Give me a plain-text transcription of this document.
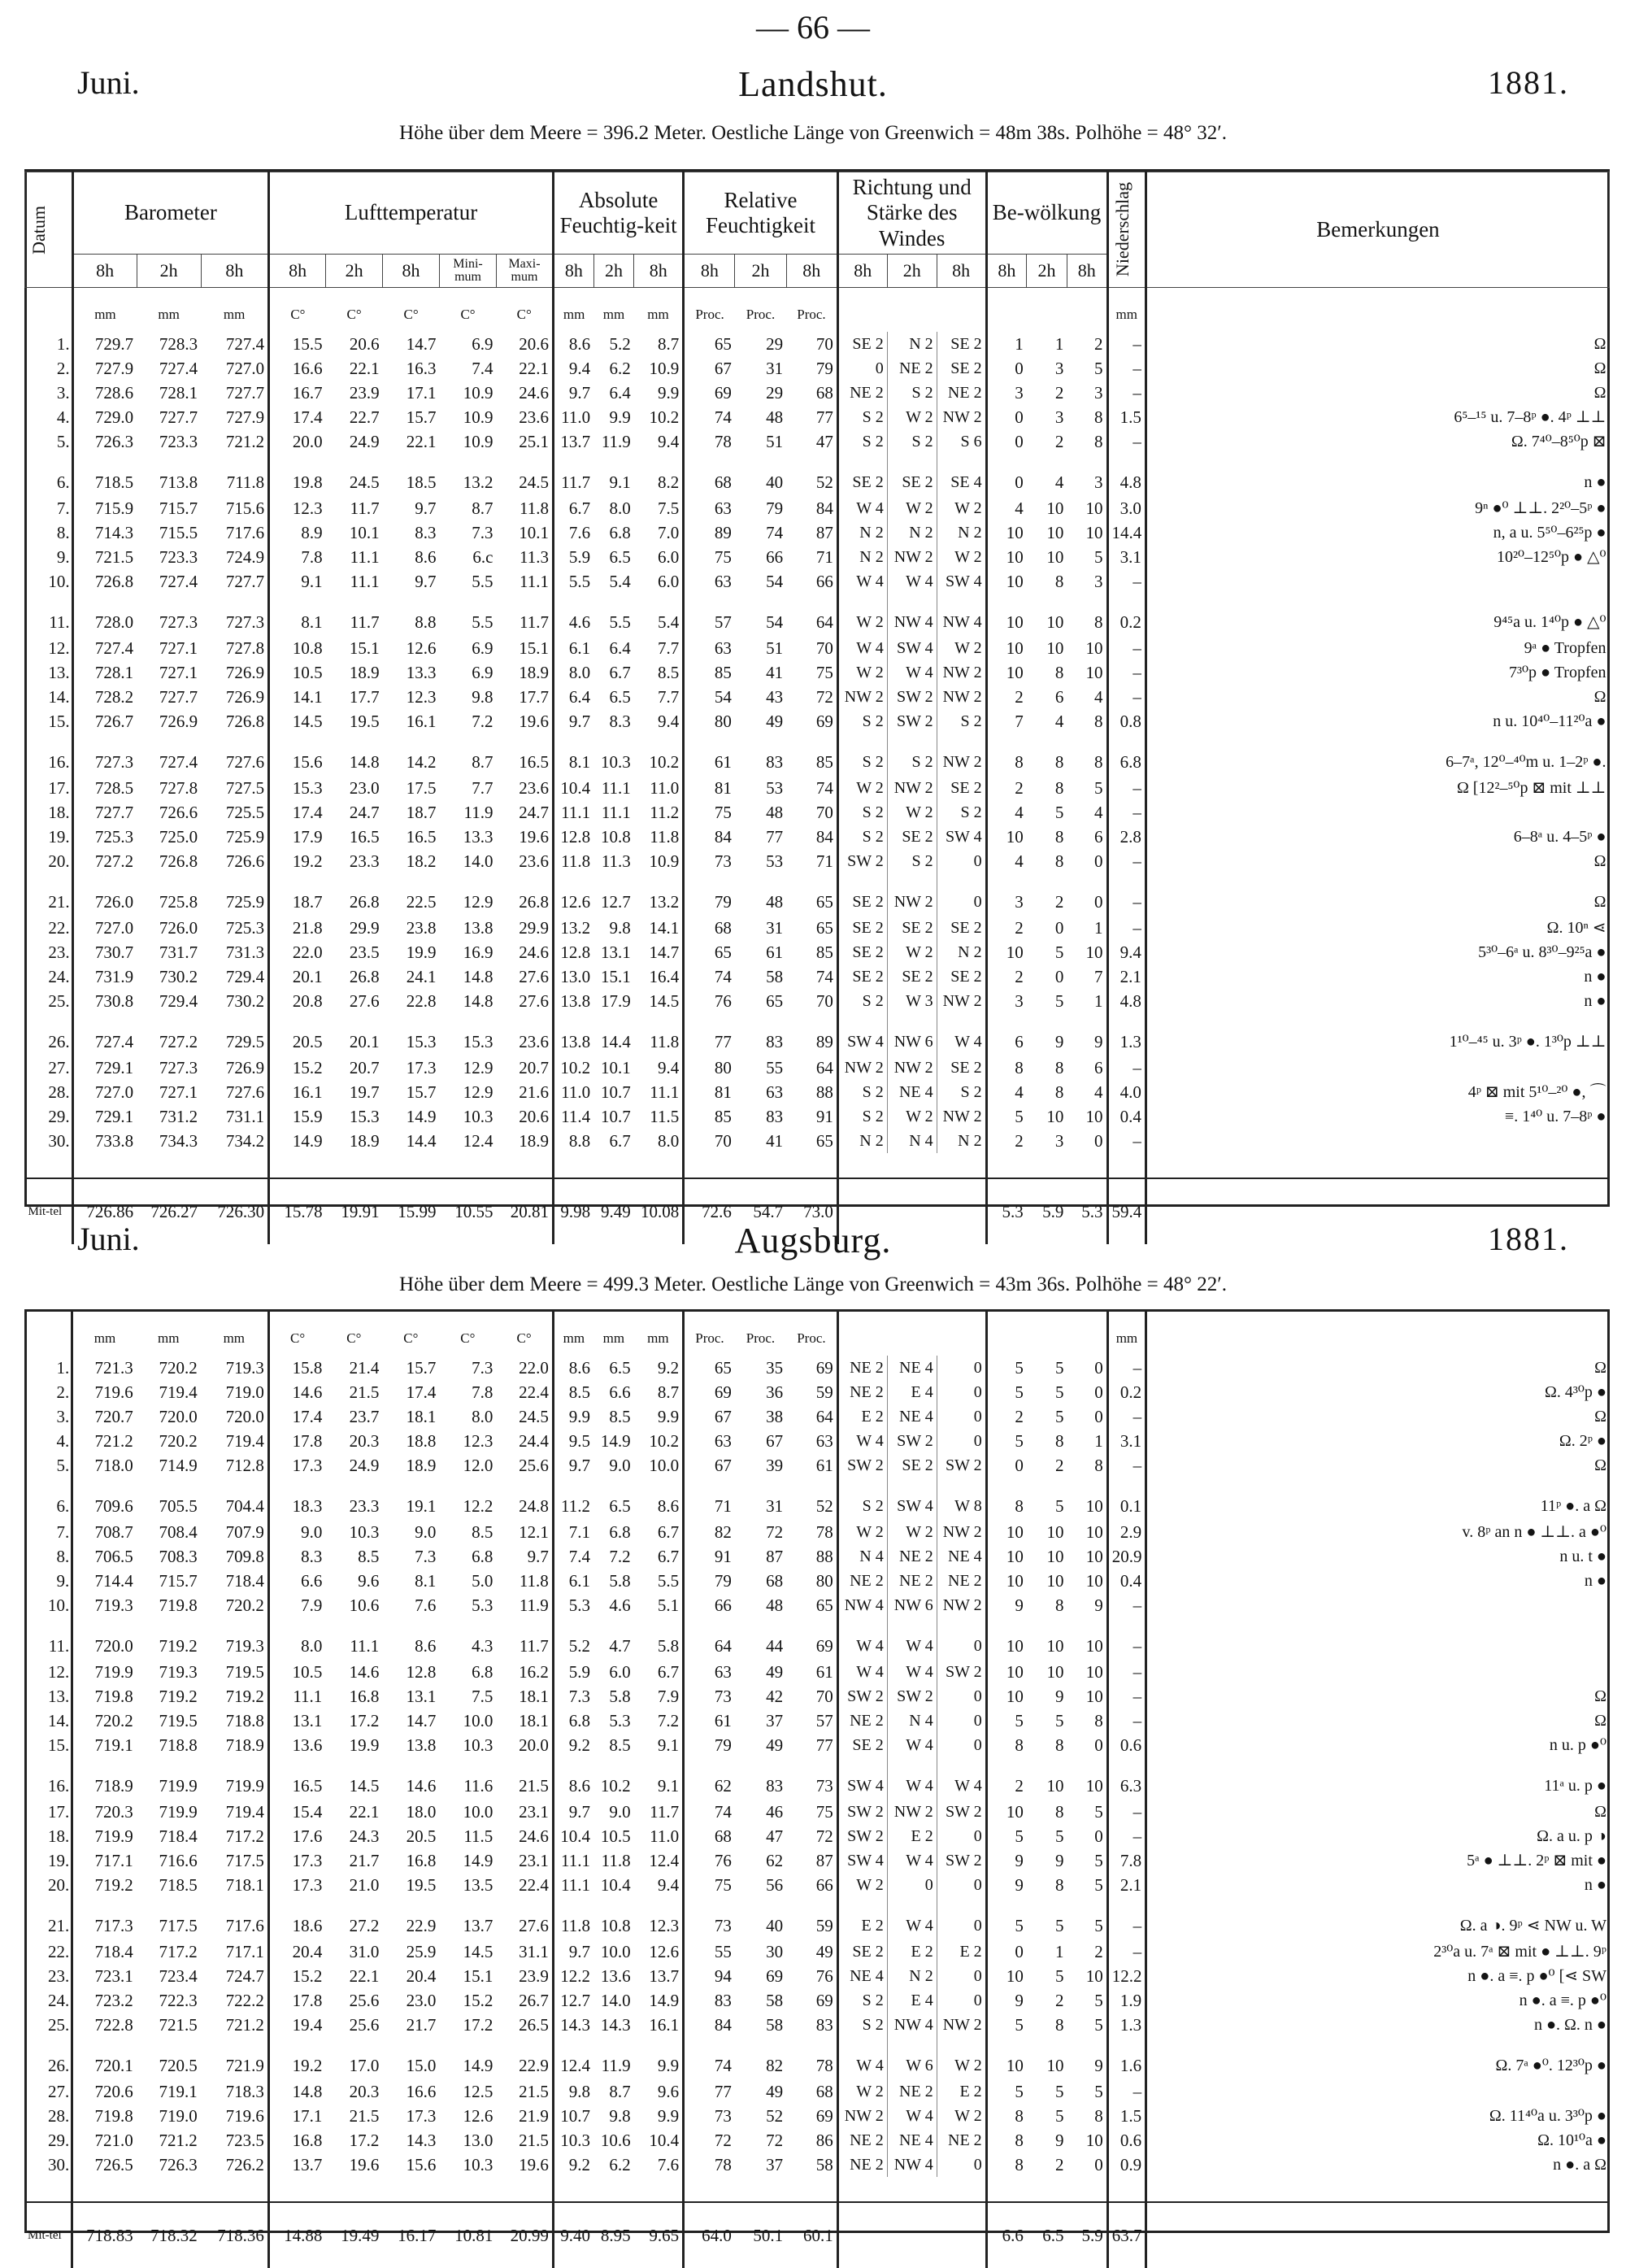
— 66 —
Juni.	Landshut.	1881.
Höhe über dem Meere = 396.2 Meter. Oestliche Länge von Greenwich = 48m 38s. Polhöhe = 48° 32′.
Datum	Barometer			Lufttemperatur					Absolute Feuchtig-keit			Relative Feuchtigkeit			Richtung und Stärke des Windes			Be-wölkung			Niederschlag	Bemerkungen
	8h	2h	8h	8h	2h	8h	Mini-mum	Maxi-mum	8h	2h	8h	8h	2h	8h	8h	2h	8h	8h	2h	8h		
	mm	mm	mm	C°	C°	C°	C°	C°	mm	mm	mm	Proc.	Proc.	Proc.							mm	
1.	729.7	728.3	727.4	15.5	20.6	14.7	6.9	20.6	8.6	5.2	8.7	65	29	70	SE 2	N 2	SE 2	1	1	2	–	Ω
2.	727.9	727.4	727.0	16.6	22.1	16.3	7.4	22.1	9.4	6.2	10.9	67	31	79	0	NE 2	SE 2	0	3	5	–	Ω
3.	728.6	728.1	727.7	16.7	23.9	17.1	10.9	24.6	9.7	6.4	9.9	69	29	68	NE 2	S 2	NE 2	3	2	3	–	Ω
4.	729.0	727.7	727.9	17.4	22.7	15.7	10.9	23.6	11.0	9.9	10.2	74	48	77	S 2	W 2	NW 2	0	3	8	1.5	6⁵–¹⁵ u. 7–8ᵖ ●. 4ᵖ ⊥⊥
5.	726.3	723.3	721.2	20.0	24.9	22.1	10.9	25.1	13.7	11.9	9.4	78	51	47	S 2	S 2	S 6	0	2	8	–	Ω. 7⁴⁰–8⁵⁰p ⊠
6.	718.5	713.8	711.8	19.8	24.5	18.5	13.2	24.5	11.7	9.1	8.2	68	40	52	SE 2	SE 2	SE 4	0	4	3	4.8	n ●
7.	715.9	715.7	715.6	12.3	11.7	9.7	8.7	11.8	6.7	8.0	7.5	63	79	84	W 4	W 2	W 2	4	10	10	3.0	9ⁿ ●⁰ ⊥⊥. 2²⁰–5ᵖ ●
8.	714.3	715.5	717.6	8.9	10.1	8.3	7.3	10.1	7.6	6.8	7.0	89	74	87	N 2	N 2	N 2	10	10	10	14.4	n, a u. 5⁵⁰–6²⁵p ●
9.	721.5	723.3	724.9	7.8	11.1	8.6	6.c	11.3	5.9	6.5	6.0	75	66	71	N 2	NW 2	W 2	10	10	5	3.1	10²⁰–12⁵⁰p ● △⁰
10.	726.8	727.4	727.7	9.1	11.1	9.7	5.5	11.1	5.5	5.4	6.0	63	54	66	W 4	W 4	SW 4	10	8	3	–	
11.	728.0	727.3	727.3	8.1	11.7	8.8	5.5	11.7	4.6	5.5	5.4	57	54	64	W 2	NW 4	NW 4	10	10	8	0.2	9⁴⁵a u. 1⁴⁰p ● △⁰
12.	727.4	727.1	727.8	10.8	15.1	12.6	6.9	15.1	6.1	6.4	7.7	63	51	70	W 4	SW 4	W 2	10	10	10	–	9ᵃ ● Tropfen
13.	728.1	727.1	726.9	10.5	18.9	13.3	6.9	18.9	8.0	6.7	8.5	85	41	75	W 2	W 4	NW 2	10	8	10	–	7³⁰p ● Tropfen
14.	728.2	727.7	726.9	14.1	17.7	12.3	9.8	17.7	6.4	6.5	7.7	54	43	72	NW 2	SW 2	NW 2	2	6	4	–	Ω
15.	726.7	726.9	726.8	14.5	19.5	16.1	7.2	19.6	9.7	8.3	9.4	80	49	69	S 2	SW 2	S 2	7	4	8	0.8	n u. 10⁴⁰–11²⁰a ●
16.	727.3	727.4	727.6	15.6	14.8	14.2	8.7	16.5	8.1	10.3	10.2	61	83	85	S 2	S 2	NW 2	8	8	8	6.8	6–7ᵃ, 12⁰–⁴⁰m u. 1–2ᵖ ●.
17.	728.5	727.8	727.5	15.3	23.0	17.5	7.7	23.6	10.4	11.1	11.0	81	53	74	W 2	NW 2	SE 2	2	8	5	–	Ω [12²–⁵⁰p ⊠ mit ⊥⊥
18.	727.7	726.6	725.5	17.4	24.7	18.7	11.9	24.7	11.1	11.1	11.2	75	48	70	S 2	W 2	S 2	4	5	4	–	
19.	725.3	725.0	725.9	17.9	16.5	16.5	13.3	19.6	12.8	10.8	11.8	84	77	84	S 2	SE 2	SW 4	10	8	6	2.8	6–8ᵃ u. 4–5ᵖ ●
20.	727.2	726.8	726.6	19.2	23.3	18.2	14.0	23.6	11.8	11.3	10.9	73	53	71	SW 2	S 2	0	4	8	0	–	Ω
21.	726.0	725.8	725.9	18.7	26.8	22.5	12.9	26.8	12.6	12.7	13.2	79	48	65	SE 2	NW 2	0	3	2	0	–	Ω
22.	727.0	726.0	725.3	21.8	29.9	23.8	13.8	29.9	13.2	9.8	14.1	68	31	65	SE 2	SE 2	SE 2	2	0	1	–	Ω. 10ⁿ ⋖
23.	730.7	731.7	731.3	22.0	23.5	19.9	16.9	24.6	12.8	13.1	14.7	65	61	85	SE 2	W 2	N 2	10	5	10	9.4	5³⁰–6ᵃ u. 8³⁰–9²⁵a ●
24.	731.9	730.2	729.4	20.1	26.8	24.1	14.8	27.6	13.0	15.1	16.4	74	58	74	SE 2	SE 2	SE 2	2	0	7	2.1	n ●
25.	730.8	729.4	730.2	20.8	27.6	22.8	14.8	27.6	13.8	17.9	14.5	76	65	70	S 2	W 3	NW 2	3	5	1	4.8	n ●
26.	727.4	727.2	729.5	20.5	20.1	15.3	15.3	23.6	13.8	14.4	11.8	77	83	89	SW 4	NW 6	W 4	6	9	9	1.3	1¹⁰–⁴⁵ u. 3ᵖ ●. 1³⁰p ⊥⊥
27.	729.1	727.3	726.9	15.2	20.7	17.3	12.9	20.7	10.2	10.1	9.4	80	55	64	NW 2	NW 2	SE 2	8	8	6	–	
28.	727.0	727.1	727.6	16.1	19.7	15.7	12.9	21.6	11.0	10.7	11.1	81	63	88	S 2	NE 4	S 2	4	8	4	4.0	4ᵖ ⊠ mit 5¹⁰–²⁰ ●, ⌒
29.	729.1	731.2	731.1	15.9	15.3	14.9	10.3	20.6	11.4	10.7	11.5	85	83	91	S 2	W 2	NW 2	5	10	10	0.4	≡. 1⁴⁰ u. 7–8ᵖ ●
30.	733.8	734.3	734.2	14.9	18.9	14.4	12.4	18.9	8.8	6.7	8.0	70	41	65	N 2	N 4	N 2	2	3	0	–	

Mit-tel	726.86	726.27	726.30	15.78	19.91	15.99	10.55	20.81	9.98	9.49	10.08	72.6	54.7	73.0				5.3	5.9	5.3	59.4	
Juni.	Augsburg.	1881.
Höhe über dem Meere = 499.3 Meter. Oestliche Länge von Greenwich = 43m 36s. Polhöhe = 48° 22′.
	mm	mm	mm	C°	C°	C°	C°	C°	mm	mm	mm	Proc.	Proc.	Proc.							mm	
1.	721.3	720.2	719.3	15.8	21.4	15.7	7.3	22.0	8.6	6.5	9.2	65	35	69	NE 2	NE 4	0	5	5	0	–	Ω
2.	719.6	719.4	719.0	14.6	21.5	17.4	7.8	22.4	8.5	6.6	8.7	69	36	59	NE 2	E 4	0	5	5	0	0.2	Ω. 4³⁰p ●
3.	720.7	720.0	720.0	17.4	23.7	18.1	8.0	24.5	9.9	8.5	9.9	67	38	64	E 2	NE 4	0	2	5	0	–	Ω
4.	721.2	720.2	719.4	17.8	20.3	18.8	12.3	24.4	9.5	14.9	10.2	63	67	63	W 4	SW 2	0	5	8	1	3.1	Ω. 2ᵖ ●
5.	718.0	714.9	712.8	17.3	24.9	18.9	12.0	25.6	9.7	9.0	10.0	67	39	61	SW 2	SE 2	SW 2	0	2	8	–	Ω
6.	709.6	705.5	704.4	18.3	23.3	19.1	12.2	24.8	11.2	6.5	8.6	71	31	52	S 2	SW 4	W 8	8	5	10	0.1	11ᵖ ●. a Ω
7.	708.7	708.4	707.9	9.0	10.3	9.0	8.5	12.1	7.1	6.8	6.7	82	72	78	W 2	W 2	NW 2	10	10	10	2.9	v. 8ᵖ an n ● ⊥⊥. a ●⁰
8.	706.5	708.3	709.8	8.3	8.5	7.3	6.8	9.7	7.4	7.2	6.7	91	87	88	N 4	NE 2	NE 4	10	10	10	20.9	n u. t ●
9.	714.4	715.7	718.4	6.6	9.6	8.1	5.0	11.8	6.1	5.8	5.5	79	68	80	NE 2	NE 2	NE 2	10	10	10	0.4	n ●
10.	719.3	719.8	720.2	7.9	10.6	7.6	5.3	11.9	5.3	4.6	5.1	66	48	65	NW 4	NW 6	NW 2	9	8	9	–	
11.	720.0	719.2	719.3	8.0	11.1	8.6	4.3	11.7	5.2	4.7	5.8	64	44	69	W 4	W 4	0	10	10	10	–	
12.	719.9	719.3	719.5	10.5	14.6	12.8	6.8	16.2	5.9	6.0	6.7	63	49	61	W 4	W 4	SW 2	10	10	10	–	
13.	719.8	719.2	719.2	11.1	16.8	13.1	7.5	18.1	7.3	5.8	7.9	73	42	70	SW 2	SW 2	0	10	9	10	–	Ω
14.	720.2	719.5	718.8	13.1	17.2	14.7	10.0	18.1	6.8	5.3	7.2	61	37	57	NE 2	N 4	0	5	5	8	–	Ω
15.	719.1	718.8	718.9	13.6	19.9	13.8	10.3	20.0	9.2	8.5	9.1	79	49	77	SE 2	W 4	0	8	8	0	0.6	n u. p ●⁰
16.	718.9	719.9	719.9	16.5	14.5	14.6	11.6	21.5	8.6	10.2	9.1	62	83	73	SW 4	W 4	W 4	2	10	10	6.3	11ᵃ u. p ●
17.	720.3	719.9	719.4	15.4	22.1	18.0	10.0	23.1	9.7	9.0	11.7	74	46	75	SW 2	NW 2	SW 2	10	8	5	–	Ω
18.	719.9	718.4	717.2	17.6	24.3	20.5	11.5	24.6	10.4	10.5	11.0	68	47	72	SW 2	E 2	0	5	5	0	–	Ω. a u. p ◑
19.	717.1	716.6	717.5	17.3	21.7	16.8	14.9	23.1	11.1	11.8	12.4	76	62	87	SW 4	W 4	SW 2	9	9	5	7.8	5ᵃ ● ⊥⊥. 2ᵖ ⊠ mit ●
20.	719.2	718.5	718.1	17.3	21.0	19.5	13.5	22.4	11.1	10.4	9.4	75	56	66	W 2	0	0	9	8	5	2.1	n ●
21.	717.3	717.5	717.6	18.6	27.2	22.9	13.7	27.6	11.8	10.8	12.3	73	40	59	E 2	W 4	0	5	5	5	–	Ω. a ◑. 9ᵖ ⋖ NW u. W
22.	718.4	717.2	717.1	20.4	31.0	25.9	14.5	31.1	9.7	10.0	12.6	55	30	49	SE 2	E 2	E 2	0	1	2	–	2³⁰a u. 7ᵃ ⊠ mit ● ⊥⊥. 9ᵖ
23.	723.1	723.4	724.7	15.2	22.1	20.4	15.1	23.9	12.2	13.6	13.7	94	69	76	NE 4	N 2	0	10	5	10	12.2	n ●. a ≡. p ●⁰ [⋖ SW
24.	723.2	722.3	722.2	17.8	25.6	23.0	15.2	26.7	12.7	14.0	14.9	83	58	69	S 2	E 4	0	9	2	5	1.9	n ●. a ≡. p ●⁰
25.	722.8	721.5	721.2	19.4	25.6	21.7	17.2	26.5	14.3	14.3	16.1	84	58	83	S 2	NW 4	NW 2	5	8	5	1.3	n ●. Ω. n ●
26.	720.1	720.5	721.9	19.2	17.0	15.0	14.9	22.9	12.4	11.9	9.9	74	82	78	W 4	W 6	W 2	10	10	9	1.6	Ω. 7ᵃ ●⁰. 12³⁰p ●
27.	720.6	719.1	718.3	14.8	20.3	16.6	12.5	21.5	9.8	8.7	9.6	77	49	68	W 2	NE 2	E 2	5	5	5	–	
28.	719.8	719.0	719.6	17.1	21.5	17.3	12.6	21.9	10.7	9.8	9.9	73	52	69	NW 2	W 4	W 2	8	5	8	1.5	Ω. 11⁴⁰a u. 3³⁰p ●
29.	721.0	721.2	723.5	16.8	17.2	14.3	13.0	21.5	10.3	10.6	10.4	72	72	86	NE 2	NE 4	NE 2	8	9	10	0.6	Ω. 10¹⁰a ●
30.	726.5	726.3	726.2	13.7	19.6	15.6	10.3	19.6	9.2	6.2	7.6	78	37	58	NE 2	NW 4	0	8	2	0	0.9	n ●. a Ω

Mit-tel	718.83	718.32	718.36	14.88	19.49	16.17	10.81	20.99	9.40	8.95	9.65	64.0	50.1	60.1				6.6	6.5	5.9	63.7	
